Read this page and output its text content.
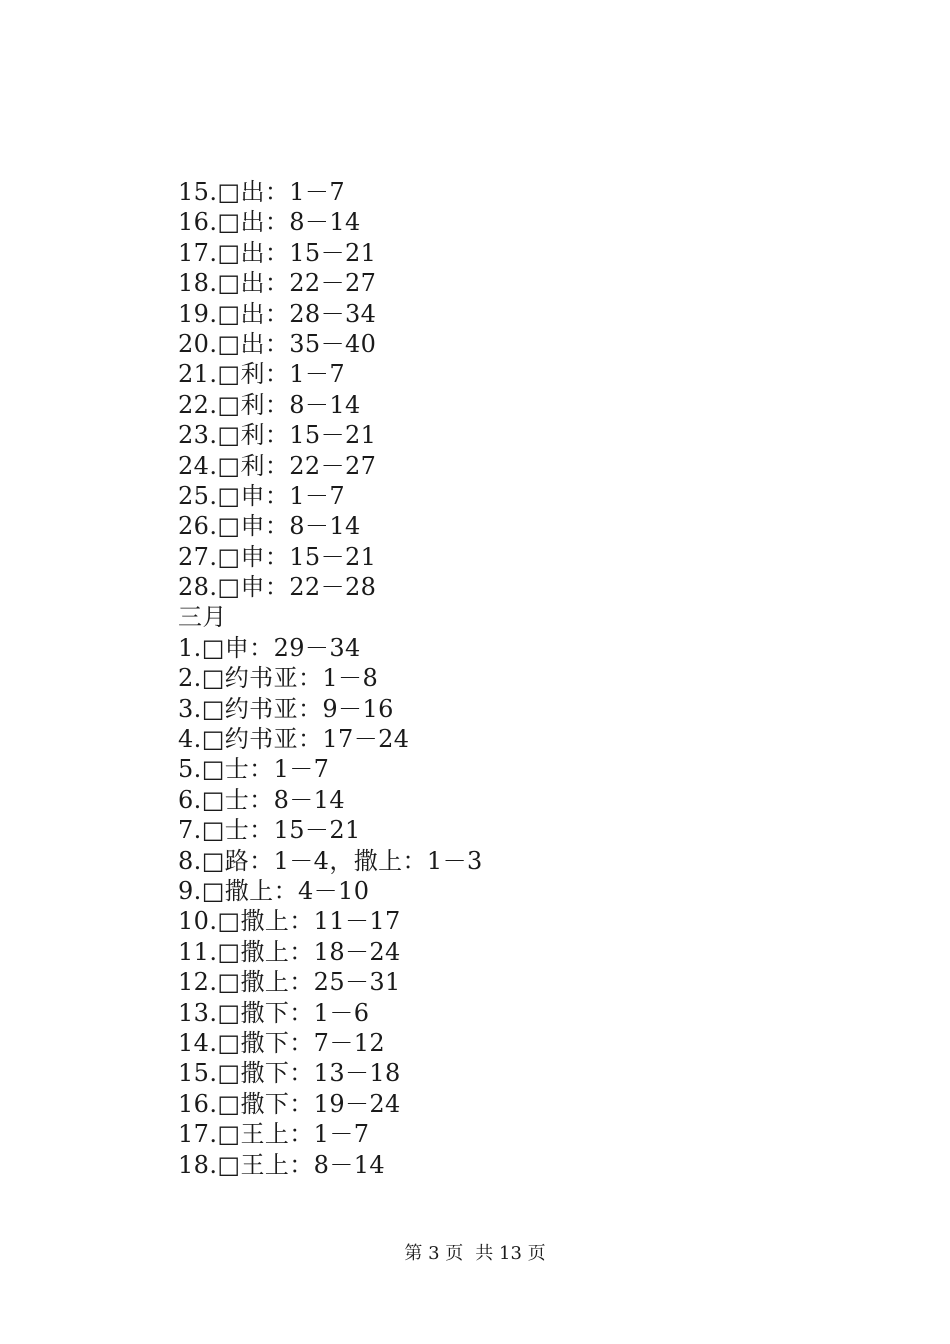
15.□出：1－7
16.□出：8－14
17.□出：15－21
18.□出：22－27
19.□出：28－34
20.□出：35－40
21.□利：1－7
22.□利：8－14
23.□利：15－21
24.□利：22－27
25.□申：1－7
26.□申：8－14
27.□申：15－21
28.□申：22－28
三月
1.□申：29－34
2.□约书亚：1－8
3.□约书亚：9－16
4.□约书亚：17－24
5.□士：1－7
6.□士：8－14
7.□士：15－21
8.□路：1－4，撒上：1－3
9.□撒上：4－10
10.□撒上：11－17
11.□撒上：18－24
12.□撒上：25－31
13.□撒下：1－6
14.□撒下：7－12
15.□撒下：13－18
16.□撒下：19－24
17.□王上：1－7
18.□王上：8－14
第 3 页 共 13 页
